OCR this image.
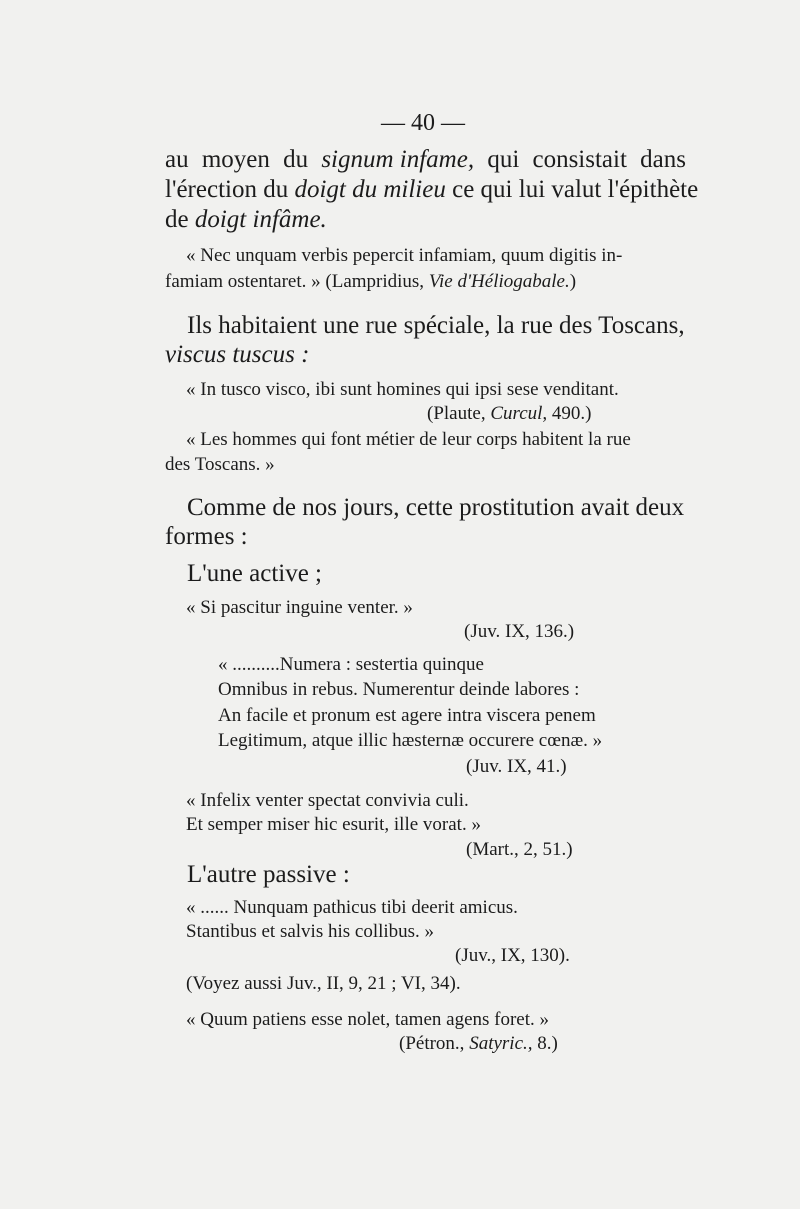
— 40 —
au moyen du signum infame, qui consistait dans
l'érection du doigt du milieu ce qui lui valut l'épithète
de doigt infâme.
« Nec unquam verbis pepercit infamiam, quum digitis in-
famiam ostentaret. » (Lampridius, Vie d'Héliogabale.)
Ils habitaient une rue spéciale, la rue des Toscans,
viscus tuscus :
« In tusco visco, ibi sunt homines qui ipsi sese venditant.
(Plaute, Curcul, 490.)
« Les hommes qui font métier de leur corps habitent la rue
des Toscans. »
Comme de nos jours, cette prostitution avait deux
formes :
L'une active ;
« Si pascitur inguine venter. »
(Juv. IX, 136.)
« ..........Numera : sestertia quinque
Omnibus in rebus. Numerentur deinde labores :
An facile et pronum est agere intra viscera penem
Legitimum, atque illic hæsternæ occurere cœnæ. »
(Juv. IX, 41.)
« Infelix venter spectat convivia culi.
Et semper miser hic esurit, ille vorat. »
(Mart., 2, 51.)
L'autre passive :
« ...... Nunquam pathicus tibi deerit amicus.
Stantibus et salvis his collibus. »
(Juv., IX, 130).
(Voyez aussi Juv., II, 9, 21 ; VI, 34).
« Quum patiens esse nolet, tamen agens foret. »
(Pétron., Satyric., 8.)
